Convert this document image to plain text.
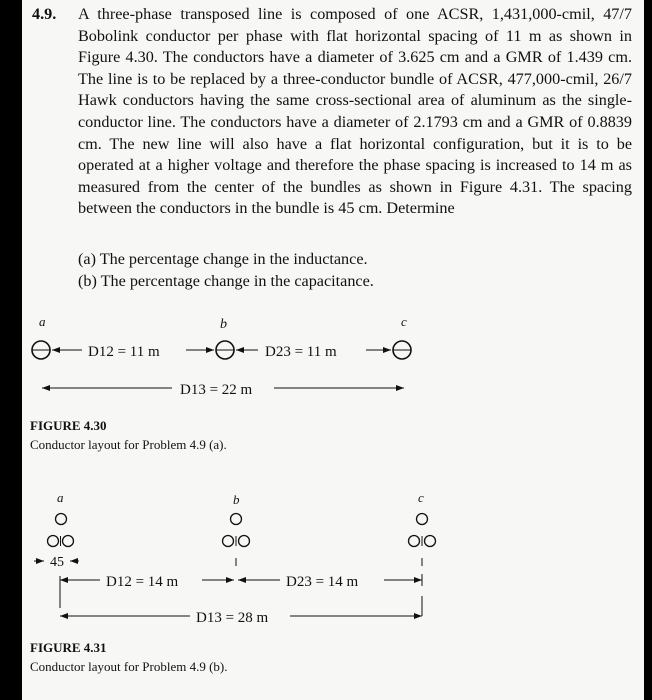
4.9. A three-phase transposed line is composed of one ACSR, 1,431,000-cmil, 47/7 Bobolink conductor per phase with flat horizontal spacing of 11 m as shown in Figure 4.30. The conductors have a diameter of 3.625 cm and a GMR of 1.439 cm. The line is to be replaced by a three-conductor bundle of ACSR, 477,000-cmil, 26/7 Hawk conductors having the same cross-sectional area of aluminum as the single-conductor line. The conductors have a diameter of 2.1793 cm and a GMR of 0.8839 cm. The new line will also have a flat horizontal configuration, but it is to be operated at a higher voltage and therefore the phase spacing is increased to 14 m as measured from the center of the bundles as shown in Figure 4.31. The spacing between the conductors in the bundle is 45 cm. Determine
(a) The percentage change in the inductance.
(b) The percentage change in the capacitance.
a	b	c
D12 = 11 m	D23 = 11 m
D13 = 22 m
FIGURE 4.30
Conductor layout for Problem 4.9 (a).
a	b	c
45
D12 = 14 m	D23 = 14 m
D13 = 28 m
FIGURE 4.31
Conductor layout for Problem 4.9 (b).
